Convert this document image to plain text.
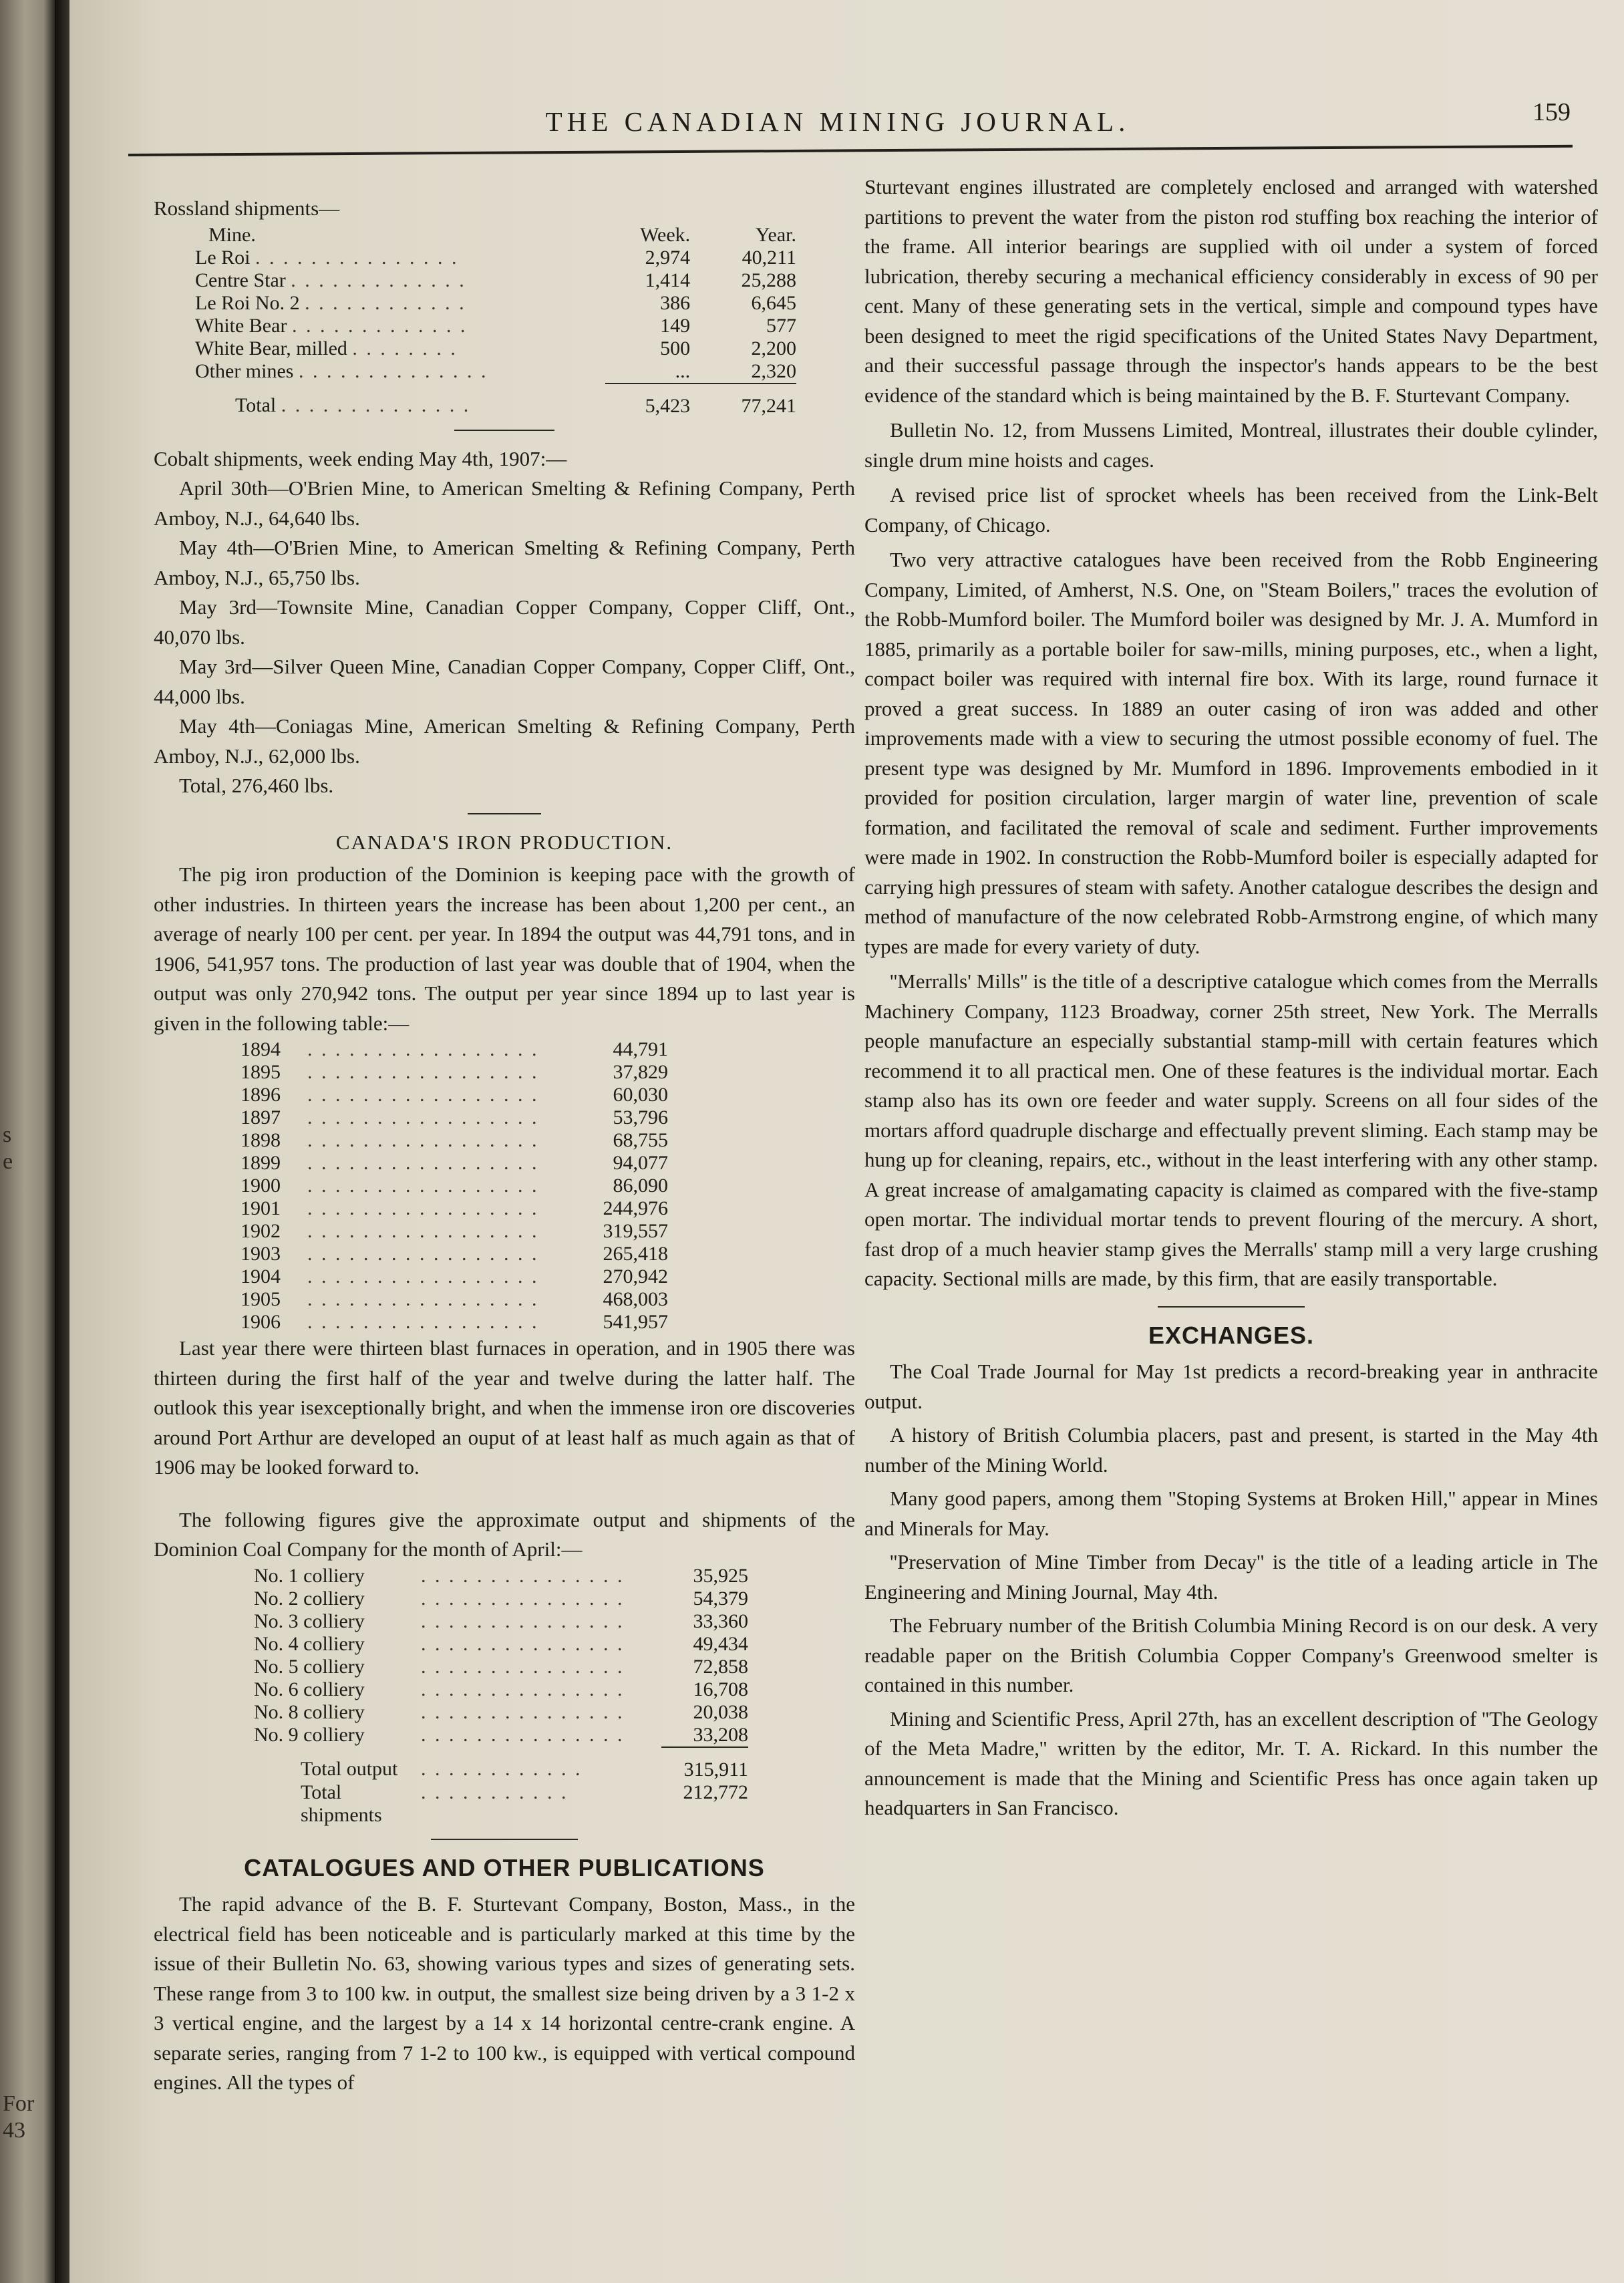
s
e
For
43
THE CANADIAN MINING JOURNAL.	159
Rossland shipments—
Mine.	Week.	Year.
Le Roi . . . . . . . . . . . . . . .	2,974	40,211
Centre Star . . . . . . . . . . . . .	1,414	25,288
Le Roi No. 2 . . . . . . . . . . . .	386	6,645
White Bear . . . . . . . . . . . . .	149	577
White Bear, milled . . . . . . . .	500	2,200
Other mines . . . . . . . . . . . . . .	...	2,320
Total . . . . . . . . . . . . . .	5,423	77,241

Cobalt shipments, week ending May 4th, 1907:—

April 30th—O'Brien Mine, to American Smelting & Refining Company, Perth Amboy, N.J., 64,640 lbs.

May 4th—O'Brien Mine, to American Smelting & Refining Company, Perth Amboy, N.J., 65,750 lbs.

May 3rd—Townsite Mine, Canadian Copper Company, Copper Cliff, Ont., 40,070 lbs.

May 3rd—Silver Queen Mine, Canadian Copper Company, Copper Cliff, Ont., 44,000 lbs.

May 4th—Coniagas Mine, American Smelting & Refining Company, Perth Amboy, N.J., 62,000 lbs.

Total, 276,460 lbs.

CANADA'S IRON PRODUCTION.

The pig iron production of the Dominion is keeping pace with the growth of other industries. In thirteen years the increase has been about 1,200 per cent., an average of nearly 100 per cent. per year. In 1894 the output was 44,791 tons, and in 1906, 541,957 tons. The production of last year was double that of 1904, when the output was only 270,942 tons. The output per year since 1894 up to last year is given in the following table:—

1894	. . . . . . . . . . . . . . . . .	44,791
1895	. . . . . . . . . . . . . . . . .	37,829
1896	. . . . . . . . . . . . . . . . .	60,030
1897	. . . . . . . . . . . . . . . . .	53,796
1898	. . . . . . . . . . . . . . . . .	68,755
1899	. . . . . . . . . . . . . . . . .	94,077
1900	. . . . . . . . . . . . . . . . .	86,090
1901	. . . . . . . . . . . . . . . . .	244,976
1902	. . . . . . . . . . . . . . . . .	319,557
1903	. . . . . . . . . . . . . . . . .	265,418
1904	. . . . . . . . . . . . . . . . .	270,942
1905	. . . . . . . . . . . . . . . . .	468,003
1906	. . . . . . . . . . . . . . . . .	541,957

Last year there were thirteen blast furnaces in operation, and in 1905 there was thirteen during the first half of the year and twelve during the latter half. The outlook this year isexceptionally bright, and when the immense iron ore discoveries around Port Arthur are developed an ouput of at least half as much again as that of 1906 may be looked forward to.

The following figures give the approximate output and shipments of the Dominion Coal Company for the month of April:—

No. 1 colliery	. . . . . . . . . . . . . . .	35,925
No. 2 colliery	. . . . . . . . . . . . . . .	54,379
No. 3 colliery	. . . . . . . . . . . . . . .	33,360
No. 4 colliery	. . . . . . . . . . . . . . .	49,434
No. 5 colliery	. . . . . . . . . . . . . . .	72,858
No. 6 colliery	. . . . . . . . . . . . . . .	16,708
No. 8 colliery	. . . . . . . . . . . . . . .	20,038
No. 9 colliery	. . . . . . . . . . . . . . .	33,208
Total output	. . . . . . . . . . . .	315,911
Total shipments	. . . . . . . . . . .	212,772
CATALOGUES AND OTHER PUBLICATIONS

The rapid advance of the B. F. Sturtevant Company, Boston, Mass., in the electrical field has been noticeable and is particularly marked at this time by the issue of their Bulletin No. 63, showing various types and sizes of generating sets. These range from 3 to 100 kw. in output, the smallest size being driven by a 3 1-2 x 3 vertical engine, and the largest by a 14 x 14 horizontal centre-crank engine. A separate series, ranging from 7 1-2 to 100 kw., is equipped with vertical compound engines. All the types of

Sturtevant engines illustrated are completely enclosed and arranged with watershed partitions to prevent the water from the piston rod stuffing box reaching the interior of the frame. All interior bearings are supplied with oil under a system of forced lubrication, thereby securing a mechanical efficiency considerably in excess of 90 per cent. Many of these generating sets in the vertical, simple and compound types have been designed to meet the rigid specifications of the United States Navy Department, and their successful passage through the inspector's hands appears to be the best evidence of the standard which is being maintained by the B. F. Sturtevant Company.

Bulletin No. 12, from Mussens Limited, Montreal, illustrates their double cylinder, single drum mine hoists and cages.

A revised price list of sprocket wheels has been received from the Link-Belt Company, of Chicago.

Two very attractive catalogues have been received from the Robb Engineering Company, Limited, of Amherst, N.S. One, on ''Steam Boilers,'' traces the evolution of the Robb-Mumford boiler. The Mumford boiler was designed by Mr. J. A. Mumford in 1885, primarily as a portable boiler for saw-mills, mining purposes, etc., when a light, compact boiler was required with internal fire box. With its large, round furnace it proved a great success. In 1889 an outer casing of iron was added and other improvements made with a view to securing the utmost possible economy of fuel. The present type was designed by Mr. Mumford in 1896. Improvements embodied in it provided for position circulation, larger margin of water line, prevention of scale formation, and facilitated the removal of scale and sediment. Further improvements were made in 1902. In construction the Robb-Mumford boiler is especially adapted for carrying high pressures of steam with safety. Another catalogue describes the design and method of manufacture of the now celebrated Robb-Armstrong engine, of which many types are made for every variety of duty.

''Merralls' Mills'' is the title of a descriptive catalogue which comes from the Merralls Machinery Company, 1123 Broadway, corner 25th street, New York. The Merralls people manufacture an especially substantial stamp-mill with certain features which recommend it to all practical men. One of these features is the individual mortar. Each stamp also has its own ore feeder and water supply. Screens on all four sides of the mortars afford quadruple discharge and effectually prevent sliming. Each stamp may be hung up for cleaning, repairs, etc., without in the least interfering with any other stamp. A great increase of amalgamating capacity is claimed as compared with the five-stamp open mortar. The individual mortar tends to prevent flouring of the mercury. A short, fast drop of a much heavier stamp gives the Merralls' stamp mill a very large crushing capacity. Sectional mills are made, by this firm, that are easily transportable.

EXCHANGES.

The Coal Trade Journal for May 1st predicts a record-breaking year in anthracite output.

A history of British Columbia placers, past and present, is started in the May 4th number of the Mining World.

Many good papers, among them ''Stoping Systems at Broken Hill,'' appear in Mines and Minerals for May.

''Preservation of Mine Timber from Decay'' is the title of a leading article in The Engineering and Mining Journal, May 4th.

The February number of the British Columbia Mining Record is on our desk. A very readable paper on the British Columbia Copper Company's Greenwood smelter is contained in this number.

Mining and Scientific Press, April 27th, has an excellent description of ''The Geology of the Meta Madre,'' written by the editor, Mr. T. A. Rickard. In this number the announcement is made that the Mining and Scientific Press has once again taken up headquarters in San Francisco.
